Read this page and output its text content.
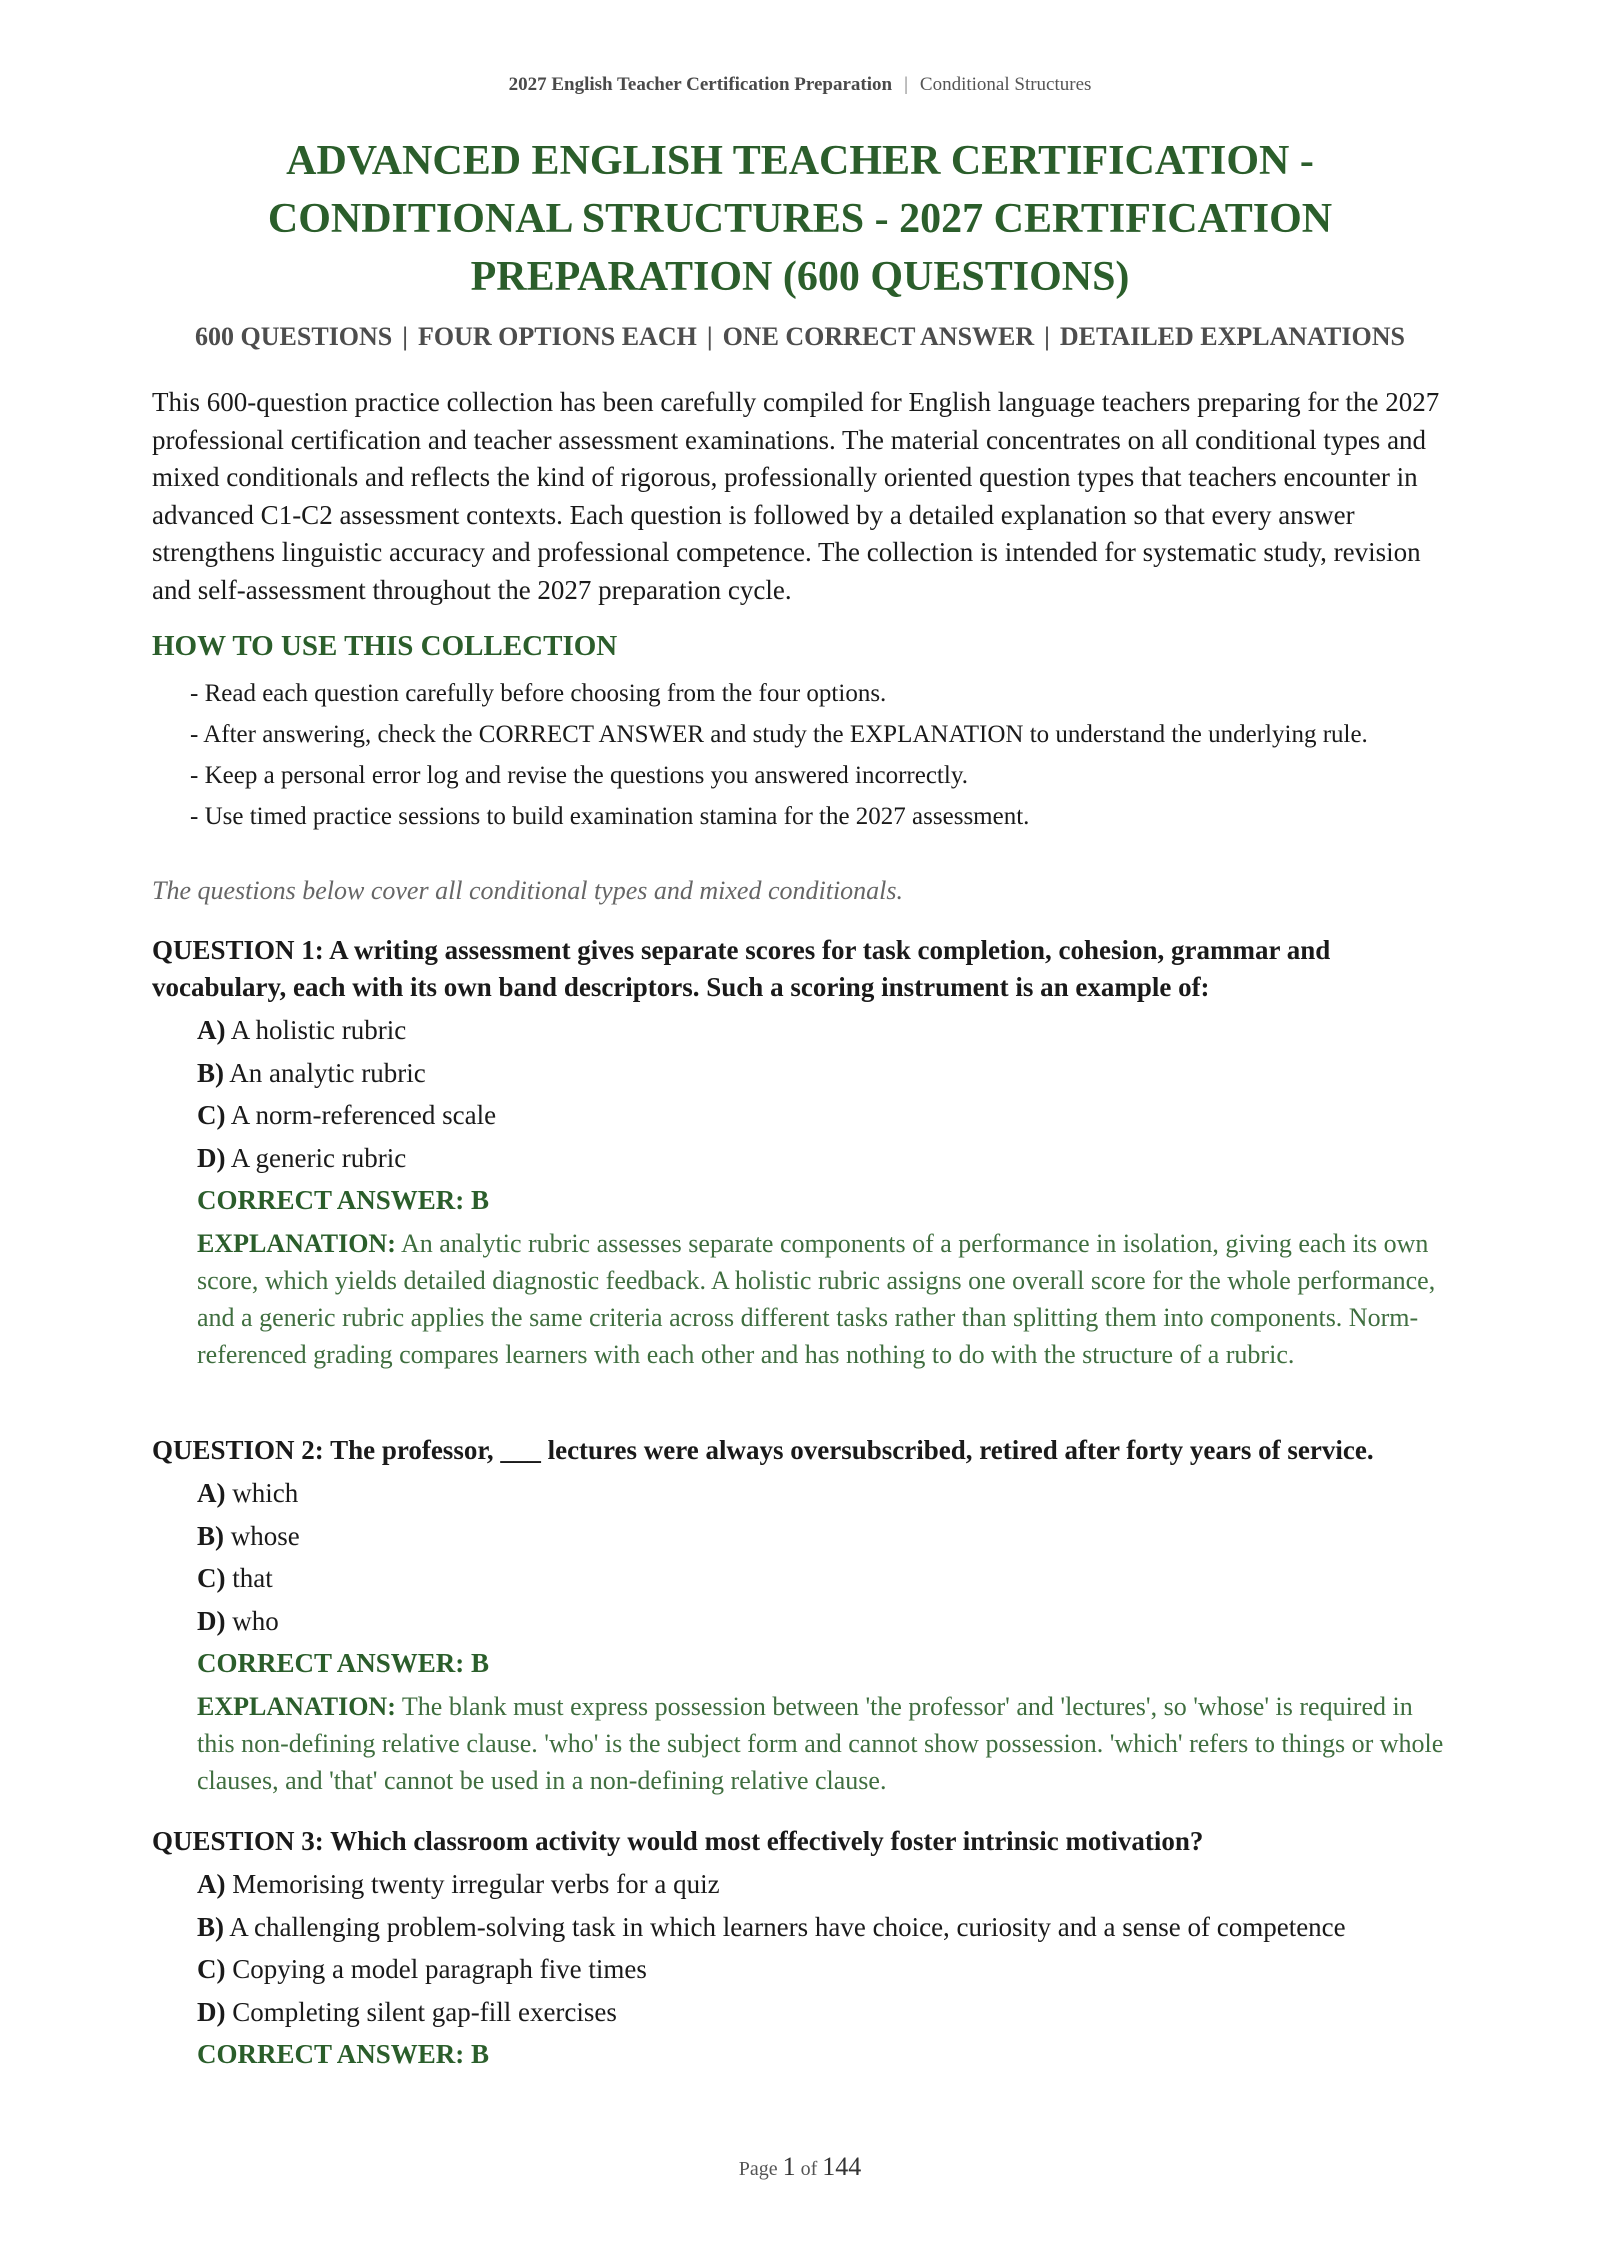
2027 English Teacher Certification Preparation | Conditional Structures
ADVANCED ENGLISH TEACHER CERTIFICATION - CONDITIONAL STRUCTURES - 2027 CERTIFICATION PREPARATION (600 QUESTIONS)
600 QUESTIONS | FOUR OPTIONS EACH | ONE CORRECT ANSWER | DETAILED EXPLANATIONS

This 600-question practice collection has been carefully compiled for English language teachers preparing for the 2027 professional certification and teacher assessment examinations. The material concentrates on all conditional types and mixed conditionals and reflects the kind of rigorous, professionally oriented question types that teachers encounter in advanced C1-C2 assessment contexts. Each question is followed by a detailed explanation so that every answer strengthens linguistic accuracy and professional competence. The collection is intended for systematic study, revision and self-assessment throughout the 2027 preparation cycle.

HOW TO USE THIS COLLECTION
- Read each question carefully before choosing from the four options.
- After answering, check the CORRECT ANSWER and study the EXPLANATION to understand the underlying rule.
- Keep a personal error log and revise the questions you answered incorrectly.
- Use timed practice sessions to build examination stamina for the 2027 assessment.
The questions below cover all conditional types and mixed conditionals.

QUESTION 1: A writing assessment gives separate scores for task completion, cohesion, grammar and vocabulary, each with its own band descriptors. Such a scoring instrument is an example of:

A) A holistic rubric
B) An analytic rubric
C) A norm-referenced scale
D) A generic rubric
CORRECT ANSWER: B
EXPLANATION: An analytic rubric assesses separate components of a performance in isolation, giving each its own score, which yields detailed diagnostic feedback. A holistic rubric assigns one overall score for the whole performance, and a generic rubric applies the same criteria across different tasks rather than splitting them into components. Norm-referenced grading compares learners with each other and has nothing to do with the structure of a rubric.

QUESTION 2: The professor, ___ lectures were always oversubscribed, retired after forty years of service.

A) which
B) whose
C) that
D) who
CORRECT ANSWER: B
EXPLANATION: The blank must express possession between 'the professor' and 'lectures', so 'whose' is required in this non-defining relative clause. 'who' is the subject form and cannot show possession. 'which' refers to things or whole clauses, and 'that' cannot be used in a non-defining relative clause.

QUESTION 3: Which classroom activity would most effectively foster intrinsic motivation?

A) Memorising twenty irregular verbs for a quiz
B) A challenging problem-solving task in which learners have choice, curiosity and a sense of competence
C) Copying a model paragraph five times
D) Completing silent gap-fill exercises
CORRECT ANSWER: B
Page 1 of 144
